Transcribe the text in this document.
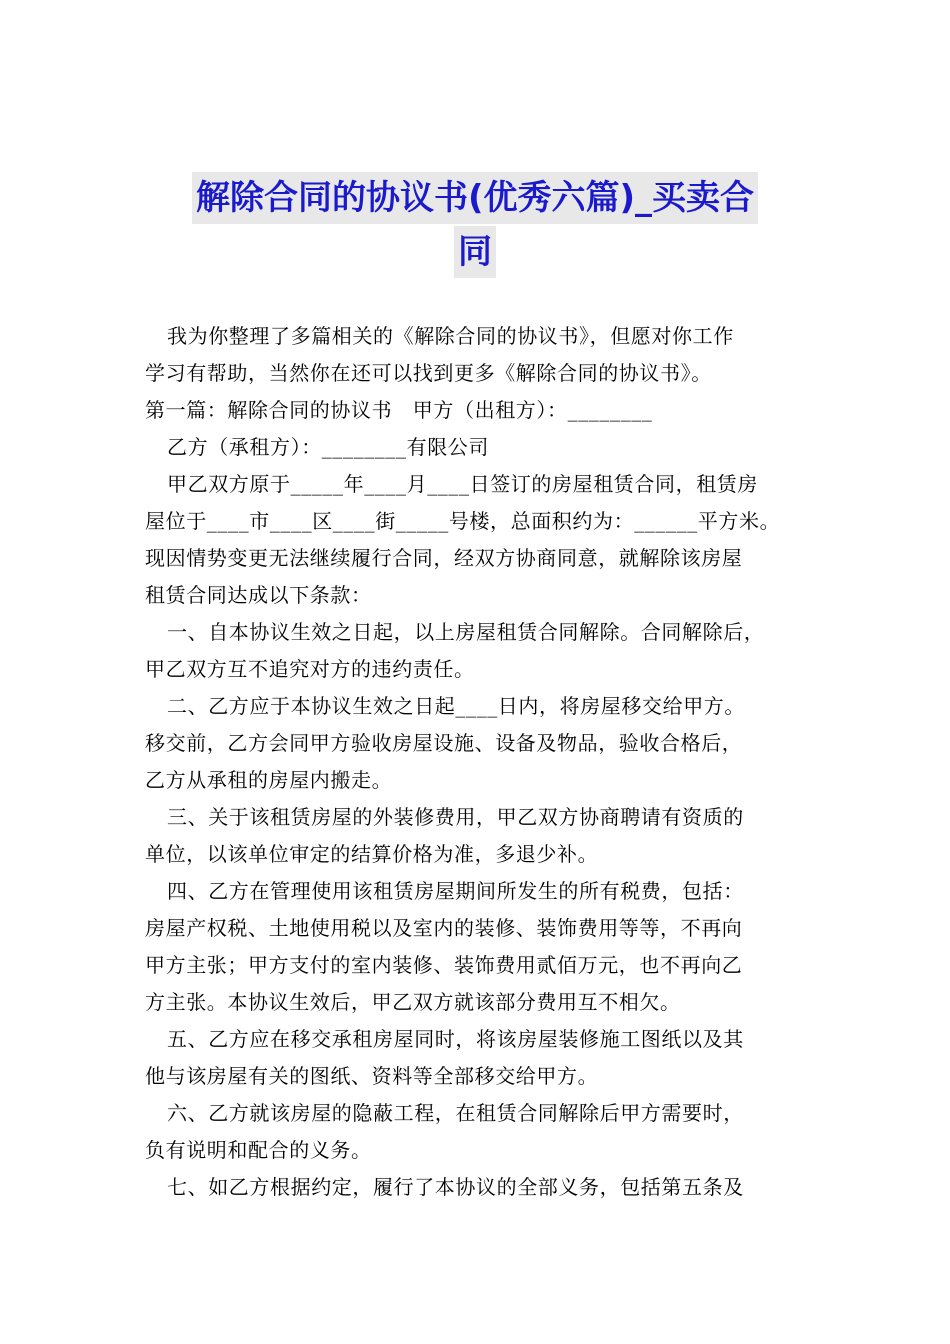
解除合同的协议书(优秀六篇)_买卖合
同
我为你整理了多篇相关的《解除合同的协议书》，但愿对你工作
学习有帮助，当然你在还可以找到更多《解除合同的协议书》。
第一篇：解除合同的协议书　甲方（出租方）：________
乙方（承租方）：________有限公司
甲乙双方原于_____年____月____日签订的房屋租赁合同，租赁房
屋位于____市____区____街_____号楼，总面积约为：______平方米。
现因情势变更无法继续履行合同，经双方协商同意，就解除该房屋
租赁合同达成以下条款：
一、自本协议生效之日起，以上房屋租赁合同解除。合同解除后，
甲乙双方互不追究对方的违约责任。
二、乙方应于本协议生效之日起____日内，将房屋移交给甲方。
移交前，乙方会同甲方验收房屋设施、设备及物品，验收合格后，
乙方从承租的房屋内搬走。
三、关于该租赁房屋的外装修费用，甲乙双方协商聘请有资质的
单位，以该单位审定的结算价格为准，多退少补。
四、乙方在管理使用该租赁房屋期间所发生的所有税费，包括：
房屋产权税、土地使用税以及室内的装修、装饰费用等等，不再向
甲方主张；甲方支付的室内装修、装饰费用贰佰万元，也不再向乙
方主张。本协议生效后，甲乙双方就该部分费用互不相欠。
五、乙方应在移交承租房屋同时，将该房屋装修施工图纸以及其
他与该房屋有关的图纸、资料等全部移交给甲方。
六、乙方就该房屋的隐蔽工程，在租赁合同解除后甲方需要时，
负有说明和配合的义务。
七、如乙方根据约定，履行了本协议的全部义务，包括第五条及
